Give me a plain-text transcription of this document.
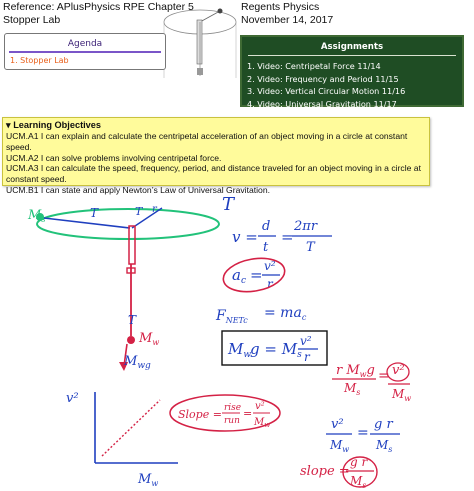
Reference: APlusPhysics RPE Chapter 5
Stopper Lab
Regents Physics
November 14, 2017
Agenda
1. Stopper Lab
Assignments
1. Video: Centripetal Force 11/14
2. Video: Frequency and Period 11/15
3. Video: Vertical Circular Motion 11/16
4. Video: Universal Gravitation 11/17
▾ Learning Objectives
UCM.A1 I can explain and calculate the centripetal acceleration of an object moving in a circle at constant speed.
UCM.A2 I can solve problems involving centripetal force.
UCM.A3 I can calculate the speed, frequency, period, and distance traveled for an object moving in a circle at
constant speed.
UCM.B1 I can state and apply Newton’s Law of Universal Gravitation.
$M_s$	T	T r
T
$M_w$
$M_{wg}$
T
v =
d
t
=
2πr
T
$a_c = v^2$
r
$F_{NETc} = ma_c$
$M_w$
$g = M_s$
v²
r
r $M_wg$
$M_s$
= v²
$M_w$
v²
$M_w$
Slope = rise
run
=
v²
$M_w$	v²
$M_w$
=
g r
$M_s$
slope =
g r
$M_s$
